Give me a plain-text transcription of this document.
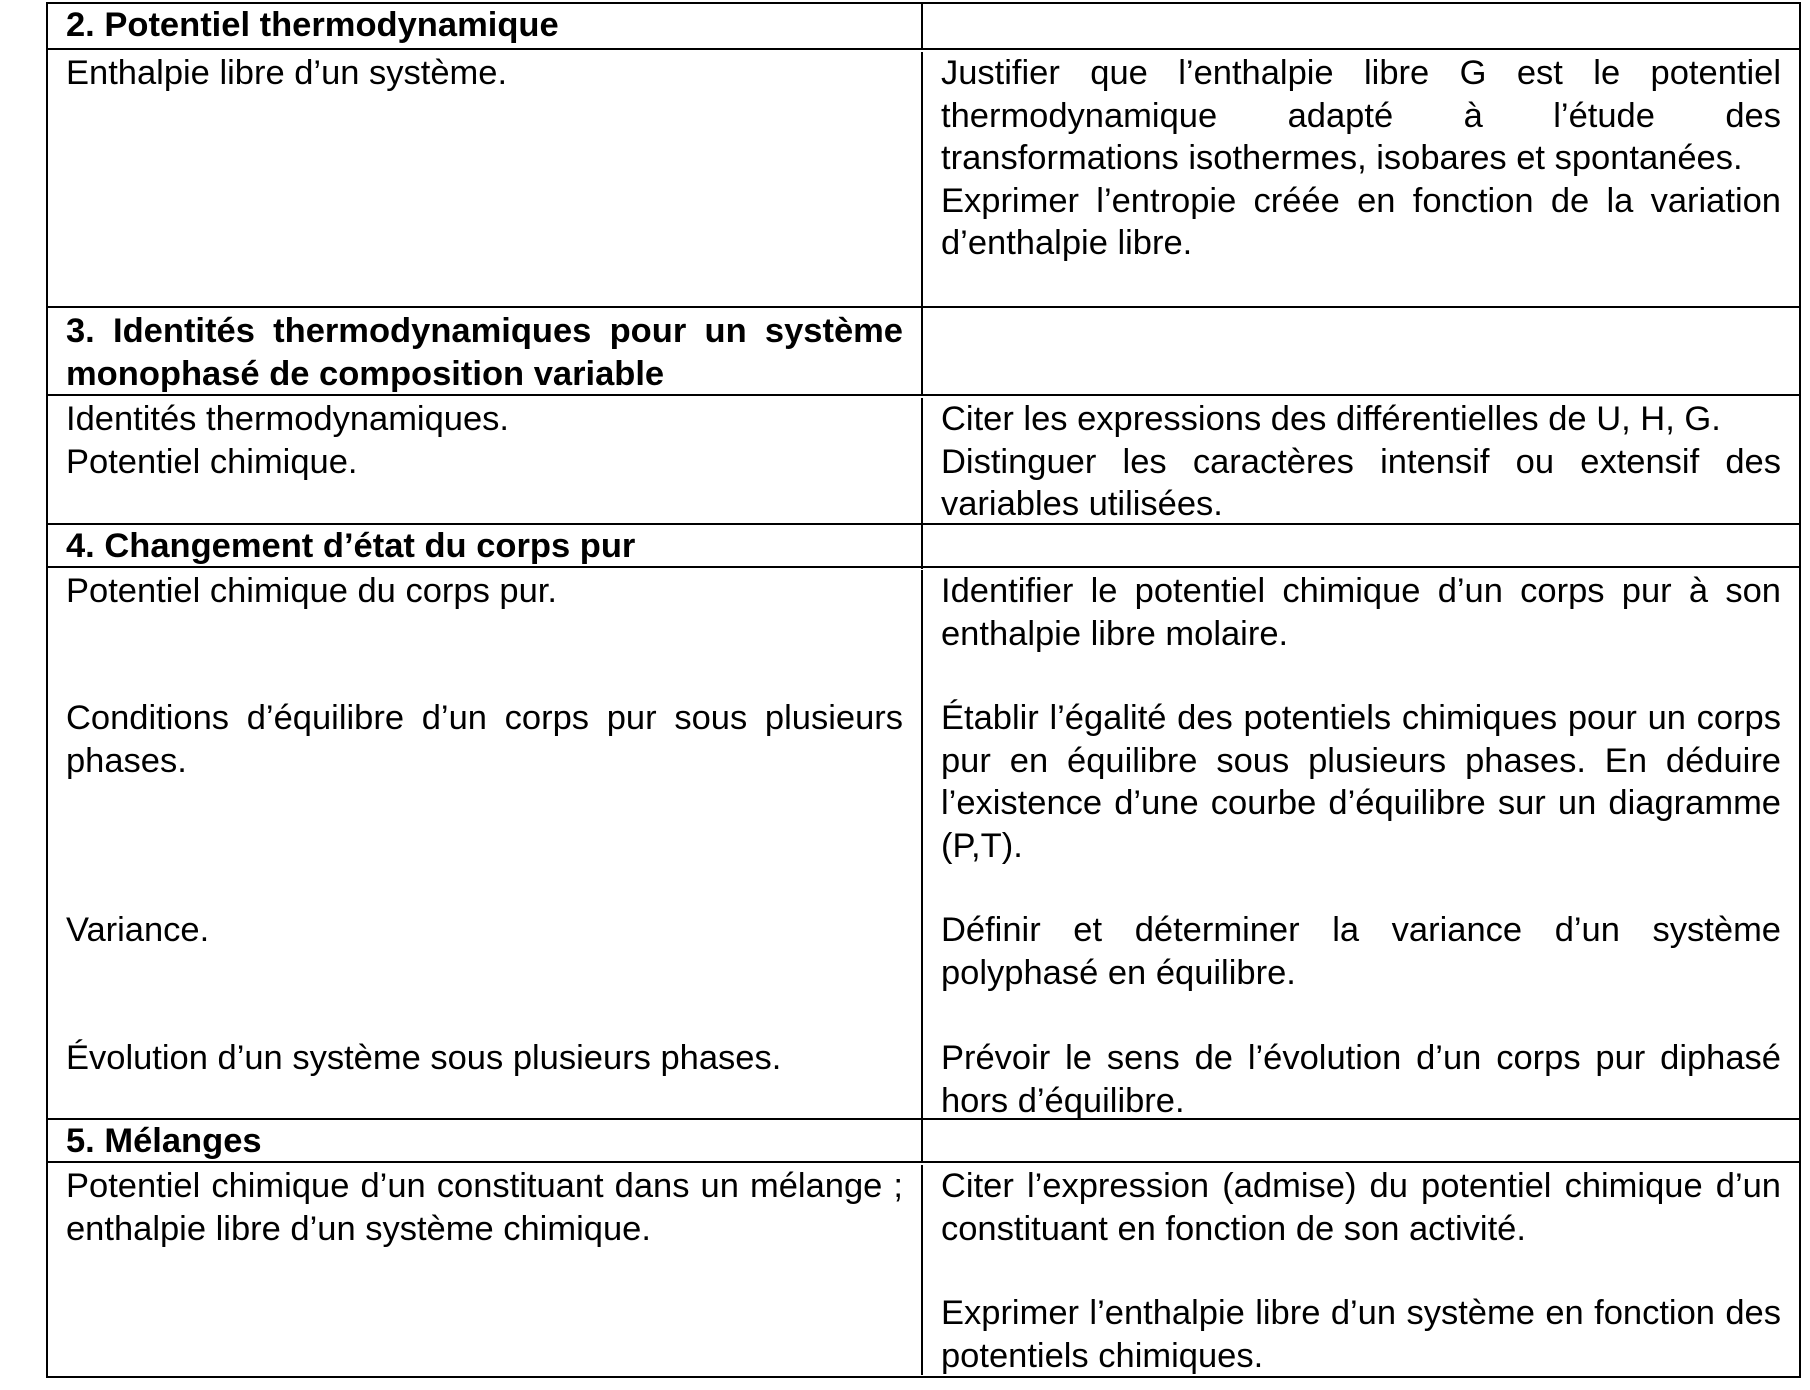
2. Potentiel thermodynamique
Enthalpie libre d’un système.	Justifier que l’enthalpie libre G est le potentiel thermodynamique adapté à l’étude des transformations isothermes, isobares et spontanées.
Exprimer l’entropie créée en fonction de la variation d’enthalpie libre.
3. Identités thermodynamiques pour un système monophasé de composition variable
Identités thermodynamiques.
Potentiel chimique.
Citer les expressions des différentielles de U, H, G.
Distinguer les caractères intensif ou extensif des variables utilisées.
4. Changement d’état du corps pur
Potentiel chimique du corps pur.
Conditions d’équilibre d’un corps pur sous plusieurs phases.
Variance.
Évolution d’un système sous plusieurs phases.
Identifier le potentiel chimique d’un corps pur à son enthalpie libre molaire.
Établir l’égalité des potentiels chimiques pour un corps pur en équilibre sous plusieurs phases. En déduire l’existence d’une courbe d’équilibre sur un diagramme (P,T).
Définir et déterminer la variance d’un système polyphasé en équilibre.
Prévoir le sens de l’évolution d’un corps pur diphasé hors d’équilibre.
5. Mélanges
Potentiel chimique d’un constituant dans un mélange ; enthalpie libre d’un système chimique.
Citer l’expression (admise) du potentiel chimique d’un constituant en fonction de son activité.
Exprimer l’enthalpie libre d’un système en fonction des potentiels chimiques.
